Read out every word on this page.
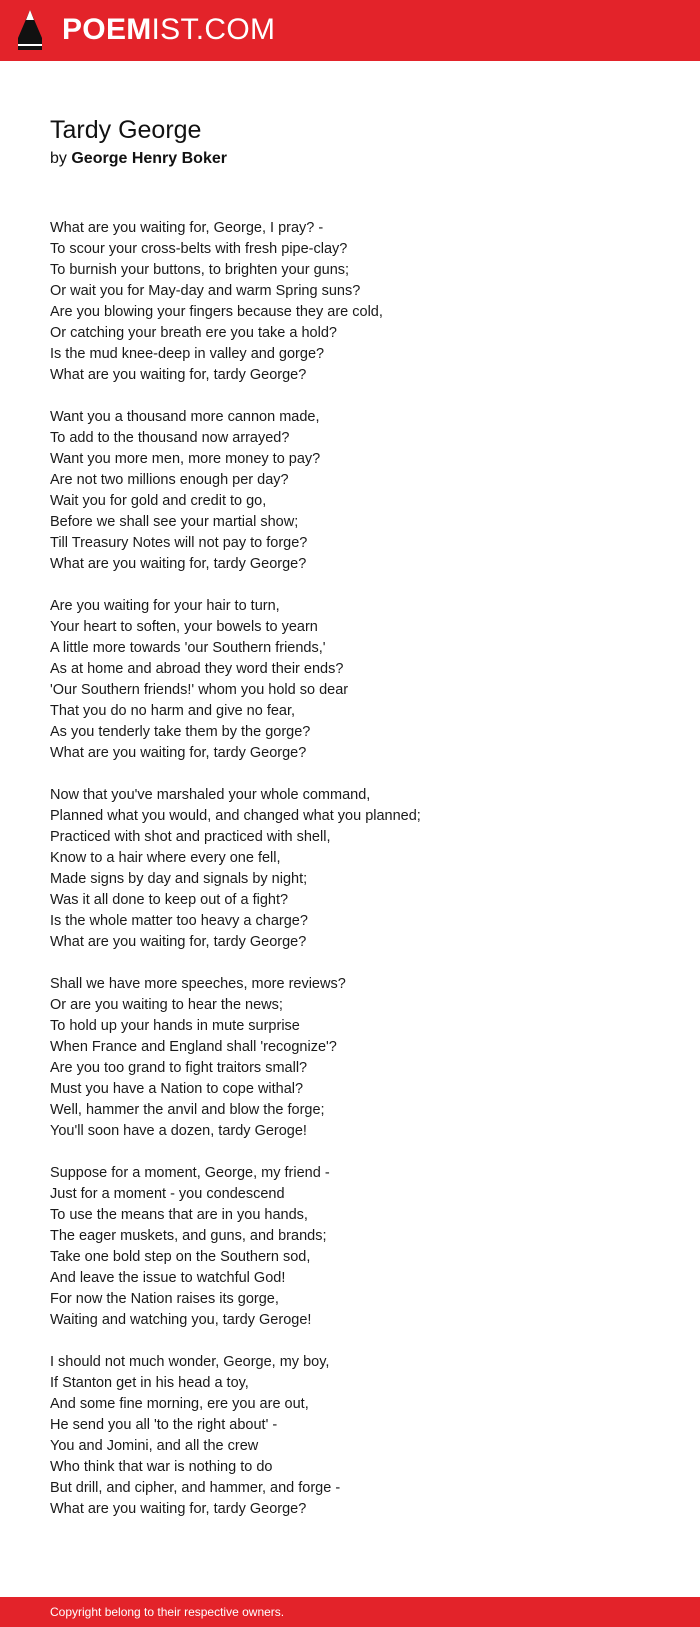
POEMIST.COM
Tardy George
by George Henry Boker
What are you waiting for, George, I pray? -
To scour your cross-belts with fresh pipe-clay?
To burnish your buttons, to brighten your guns;
Or wait you for May-day and warm Spring suns?
Are you blowing your fingers because they are cold,
Or catching your breath ere you take a hold?
Is the mud knee-deep in valley and gorge?
What are you waiting for, tardy George?
Want you a thousand more cannon made,
To add to the thousand now arrayed?
Want you more men, more money to pay?
Are not two millions enough per day?
Wait you for gold and credit to go,
Before we shall see your martial show;
Till Treasury Notes will not pay to forge?
What are you waiting for, tardy George?
Are you waiting for your hair to turn,
Your heart to soften, your bowels to yearn
A little more towards 'our Southern friends,'
As at home and abroad they word their ends?
'Our Southern friends!' whom you hold so dear
That you do no harm and give no fear,
As you tenderly take them by the gorge?
What are you waiting for, tardy George?
Now that you've marshaled your whole command,
Planned what you would, and changed what you planned;
Practiced with shot and practiced with shell,
Know to a hair where every one fell,
Made signs by day and signals by night;
Was it all done to keep out of a fight?
Is the whole matter too heavy a charge?
What are you waiting for, tardy George?
Shall we have more speeches, more reviews?
Or are you waiting to hear the news;
To hold up your hands in mute surprise
When France and England shall 'recognize'?
Are you too grand to fight traitors small?
Must you have a Nation to cope withal?
Well, hammer the anvil and blow the forge;
You'll soon have a dozen, tardy Geroge!
Suppose for a moment, George, my friend -
Just for a moment - you condescend
To use the means that are in you hands,
The eager muskets, and guns, and brands;
Take one bold step on the Southern sod,
And leave the issue to watchful God!
For now the Nation raises its gorge,
Waiting and watching you, tardy Geroge!
I should not much wonder, George, my boy,
If Stanton get in his head a toy,
And some fine morning, ere you are out,
He send you all 'to the right about' -
You and Jomini, and all the crew
Who think that war is nothing to do
But drill, and cipher, and hammer, and forge -
What are you waiting for, tardy George?
Copyright belong to their respective owners.
